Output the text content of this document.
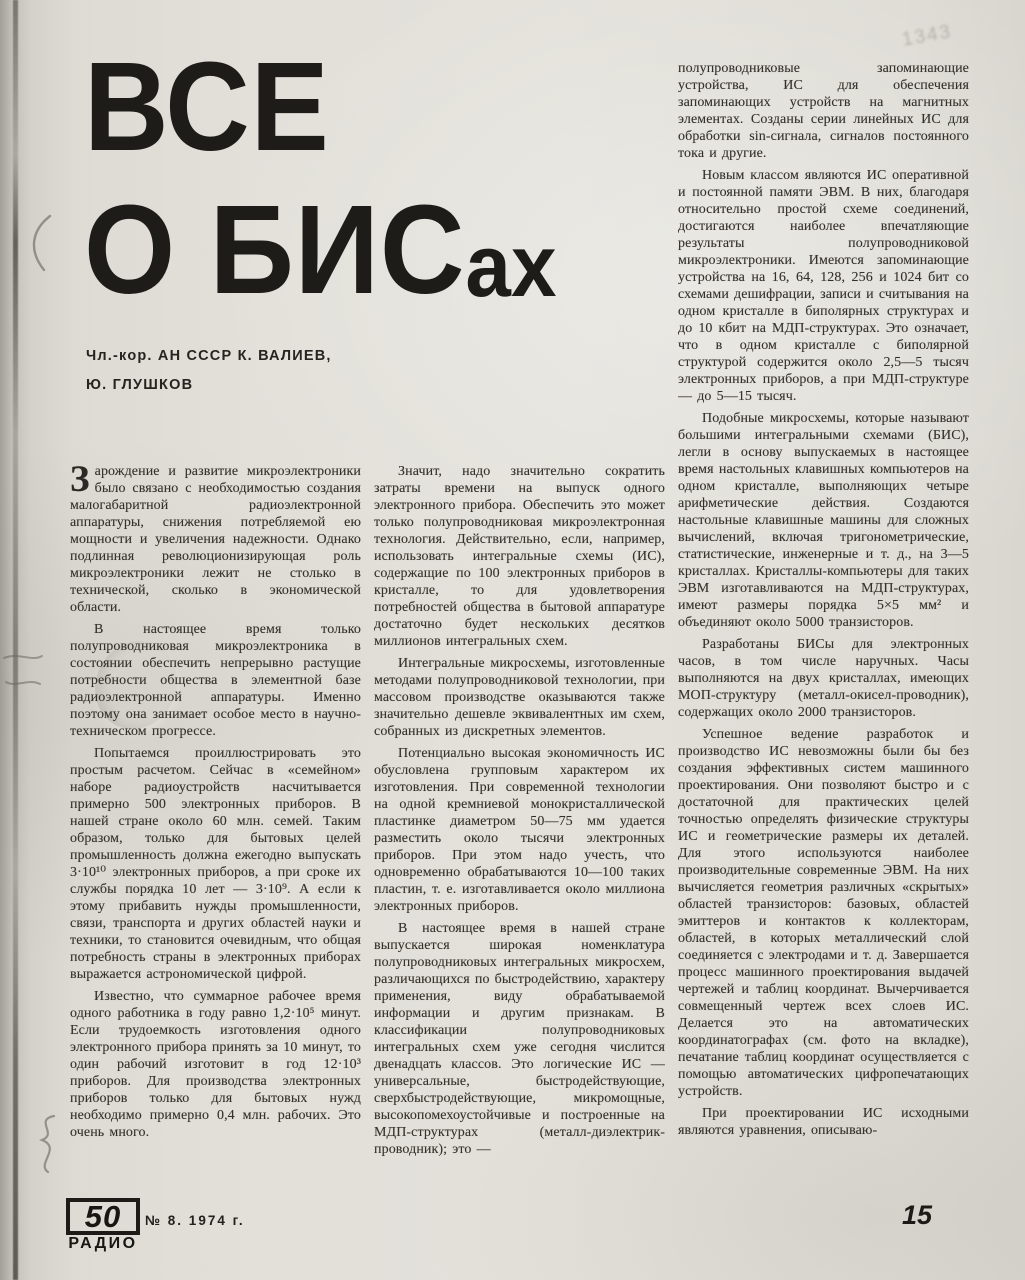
1343
ВСЕ
О БИСах
Чл.-кор. АН СССР К. ВАЛИЕВ,
Ю. ГЛУШКОВ

Зарождение и развитие микроэлектроники было связано с необходимостью создания малогабаритной радиоэлектронной аппаратуры, снижения потребляемой ею мощности и увеличения надежности. Однако подлинная революционизирующая роль микроэлектроники лежит не столько в технической, сколько в экономической области.

В настоящее время только полупроводниковая микроэлектроника в состоянии обеспечить непрерывно растущие потребности общества в элементной базе радиоэлектронной аппаратуры. Именно поэтому она занимает особое место в научно-техническом прогрессе.

Попытаемся проиллюстрировать это простым расчетом. Сейчас в «семейном» наборе радиоустройств насчитывается примерно 500 электронных приборов. В нашей стране около 60 млн. семей. Таким образом, только для бытовых целей промышленность должна ежегодно выпускать 3·10¹⁰ электронных приборов, а при сроке их службы порядка 10 лет — 3·10⁹. А если к этому прибавить нужды промышленности, связи, транспорта и других областей науки и техники, то становится очевидным, что общая потребность страны в электронных приборах выражается астрономической цифрой.

Известно, что суммарное рабочее время одного работника в году равно 1,2·10⁵ минут. Если трудоемкость изготовления одного электронного прибора принять за 10 минут, то один рабочий изготовит в год 12·10³ приборов. Для производства электронных приборов только для бытовых нужд необходимо примерно 0,4 млн. рабочих. Это очень много.

Значит, надо значительно сократить затраты времени на выпуск одного электронного прибора. Обеспечить это может только полупроводниковая микроэлектронная технология. Действительно, если, например, использовать интегральные схемы (ИС), содержащие по 100 электронных приборов в кристалле, то для удовлетворения потребностей общества в бытовой аппаратуре достаточно будет нескольких десятков миллионов интегральных схем.

Интегральные микросхемы, изготовленные методами полупроводниковой технологии, при массовом производстве оказываются также значительно дешевле эквивалентных им схем, собранных из дискретных элементов.

Потенциально высокая экономичность ИС обусловлена групповым характером их изготовления. При современной технологии на одной кремниевой монокристаллической пластинке диаметром 50—75 мм удается разместить около тысячи электронных приборов. При этом надо учесть, что одновременно обрабатываются 10—100 таких пластин, т. е. изготавливается около миллиона электронных приборов.

В настоящее время в нашей стране выпускается широкая номенклатура полупроводниковых интегральных микросхем, различающихся по быстродействию, характеру применения, виду обрабатываемой информации и другим признакам. В классификации полупроводниковых интегральных схем уже сегодня числится двенадцать классов. Это логические ИС — универсальные, быстродействующие, сверхбыстродействующие, микромощные, высокопомехоустойчивые и построенные на МДП-структурах (металл-диэлектрик-проводник); это —

полупроводниковые запоминающие устройства, ИС для обеспечения запоминающих устройств на магнитных элементах. Созданы серии линейных ИС для обработки sin-сигнала, сигналов постоянного тока и другие.

Новым классом являются ИС оперативной и постоянной памяти ЭВМ. В них, благодаря относительно простой схеме соединений, достигаются наиболее впечатляющие результаты полупроводниковой микроэлектроники. Имеются запоминающие устройства на 16, 64, 128, 256 и 1024 бит со схемами дешифрации, записи и считывания на одном кристалле в биполярных структурах и до 10 кбит на МДП-структурах. Это означает, что в одном кристалле с биполярной структурой содержится около 2,5—5 тысяч электронных приборов, а при МДП-структуре — до 5—15 тысяч.

Подобные микросхемы, которые называют большими интегральными схемами (БИС), легли в основу выпускаемых в настоящее время настольных клавишных компьютеров на одном кристалле, выполняющих четыре арифметические действия. Создаются настольные клавишные машины для сложных вычислений, включая тригонометрические, статистические, инженерные и т. д., на 3—5 кристаллах. Кристаллы-компьютеры для таких ЭВМ изготавливаются на МДП-структурах, имеют размеры порядка 5×5 мм² и объединяют около 5000 транзисторов.

Разработаны БИСы для электронных часов, в том числе наручных. Часы выполняются на двух кристаллах, имеющих МОП-структуру (металл-окисел-проводник), содержащих около 2000 транзисторов.

Успешное ведение разработок и производство ИС невозможны были бы без создания эффективных систем машинного проектирования. Они позволяют быстро и с достаточной для практических целей точностью определять физические структуры ИС и геометрические размеры их деталей. Для этого используются наиболее производительные современные ЭВМ. На них вычисляется геометрия различных «скрытых» областей транзисторов: базовых, областей эмиттеров и контактов к коллекторам, областей, в которых металлический слой соединяется с электродами и т. д. Завершается процесс машинного проектирования выдачей чертежей и таблиц координат. Вычерчивается совмещенный чертеж всех слоев ИС. Делается это на автоматических координатографах (см. фото на вкладке), печатание таблиц координат осуществляется с помощью автоматических цифропечатающих устройств.

При проектировании ИС исходными являются уравнения, описываю-

50
РАДИО
№ 8. 1974 г.	15
